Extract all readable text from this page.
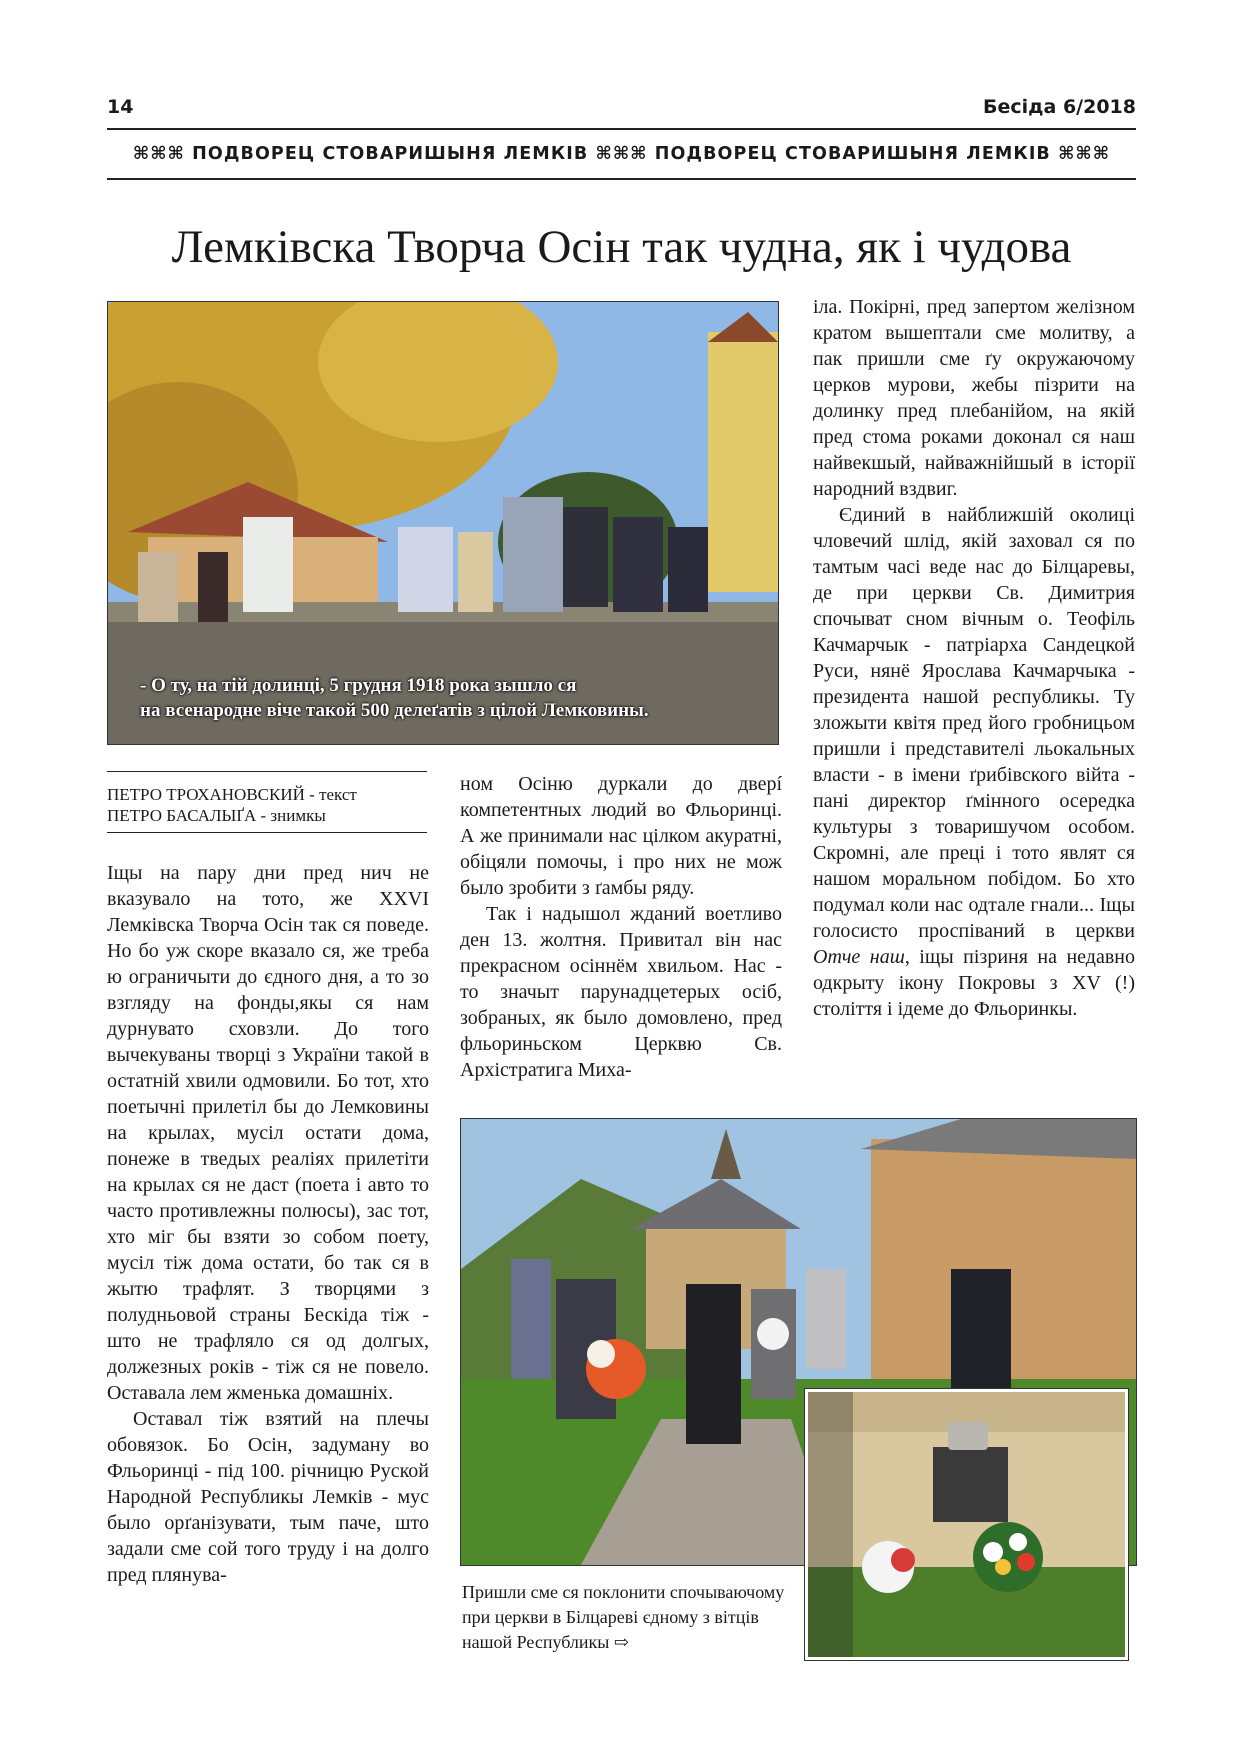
14	Бесіда 6/2018
⌘⌘⌘ ПОДВОРЕЦ СТОВАРИШЫНЯ ЛЕМКІВ ⌘⌘⌘ ПОДВОРЕЦ СТОВАРИШЫНЯ ЛЕМКІВ ⌘⌘⌘
Лемківска Творча Осін так чудна, як і чудова
- О ту, на тій долинці, 5 грудня 1918 рока зышло ся
на всенародне віче такой 500 делеґатів з цілой Лемковины.
ПЕТРО ТРОХАНОВСКИЙ - текст
ПЕТРО БАСАЛЫҐА - знимкы

Іщы на пару дни пред нич не вказувало на тото, же XXVI Лемківска Творча Осін так ся поведе. Но бо уж скоре вказало ся, же треба ю ограничыти до єдного дня, а то зо взгляду на фонды,якы ся нам дурнувато сховзли. До того вычекуваны творці з України такой в остатній хвили одмовили. Бо тот, хто поетычні прилетіл бы до Лемковины на крылах, мусіл остати дома, понеже в тведых реаліях прилетіти на крылах ся не даст (поета і авто то часто противлежны полюсы), зас тот, хто міг бы взяти зо собом поету, мусіл тіж дома остати, бо так ся в жытю трафлят. З творцями з полудньовой страны Бескіда тіж - што не трафляло ся од долгых, должезных років - тіж ся не повело. Оставала лем жменька домашніх.

Оставал тіж взятий на плечы обовязок. Бо Осін, задуману во Фльоринці - під 100. річницю Руской Народной Республикы Лемків - мус было орґанізувати, тым паче, што задали сме сой того труду і на долго пред плянува-

ном Осіню дуркали до дверí компетентных людий во Фльоринці. А же принимали нас цілком акуратні, обіцяли помочы, і про них не мож было зробити з ґамбы ряду.

Так і надышол жданий воетливо ден 13. жолтня. Привитал він нас прекрасном осіннём хвильом. Нас - то значыт парунадцетерых осіб, зобраных, як было домовлено, пред фльориньском Церквю Св. Архістратига Миха-

іла. Покірні, пред запертом желізном кратом вышептали сме молитву, а пак пришли сме ґу окружаючому церков мурови, жебы пізрити на долинку пред плебанійом, на якій пред стома роками доконал ся наш найвекшый, найважнійшый в історії народний вздвиг.

Єдиний в найближшій околиці чловечий шлід, якій заховал ся по тамтым часі веде нас до Білцаревы, де при церкви Св. Димитрия спочыват сном вічным о. Теофіль Качмарчык - патріарха Сандецкой Руси, нянё Ярослава Качмарчыка - президента нашой республикы. Ту зложыти квітя пред його гробницьом пришли і представителі льокальных власти - в імени ґрибівского війта - пані директор ґмінного осередка культуры з товаришучом особом. Скромні, але преці і тото являт ся нашом моральном побідом. Бо хто подумал коли нас одтале гнали... Іщы голосисто проспіваний в церкви Отче наш, іщы пізриня на недавно одкрыту ікону Покровы з XV (!) століття і ідеме до Фльоринкы.

Пришли сме ся поклонити спочываючому при церкви в Білцареві єдному з вітців нашой Республикы ⇨
